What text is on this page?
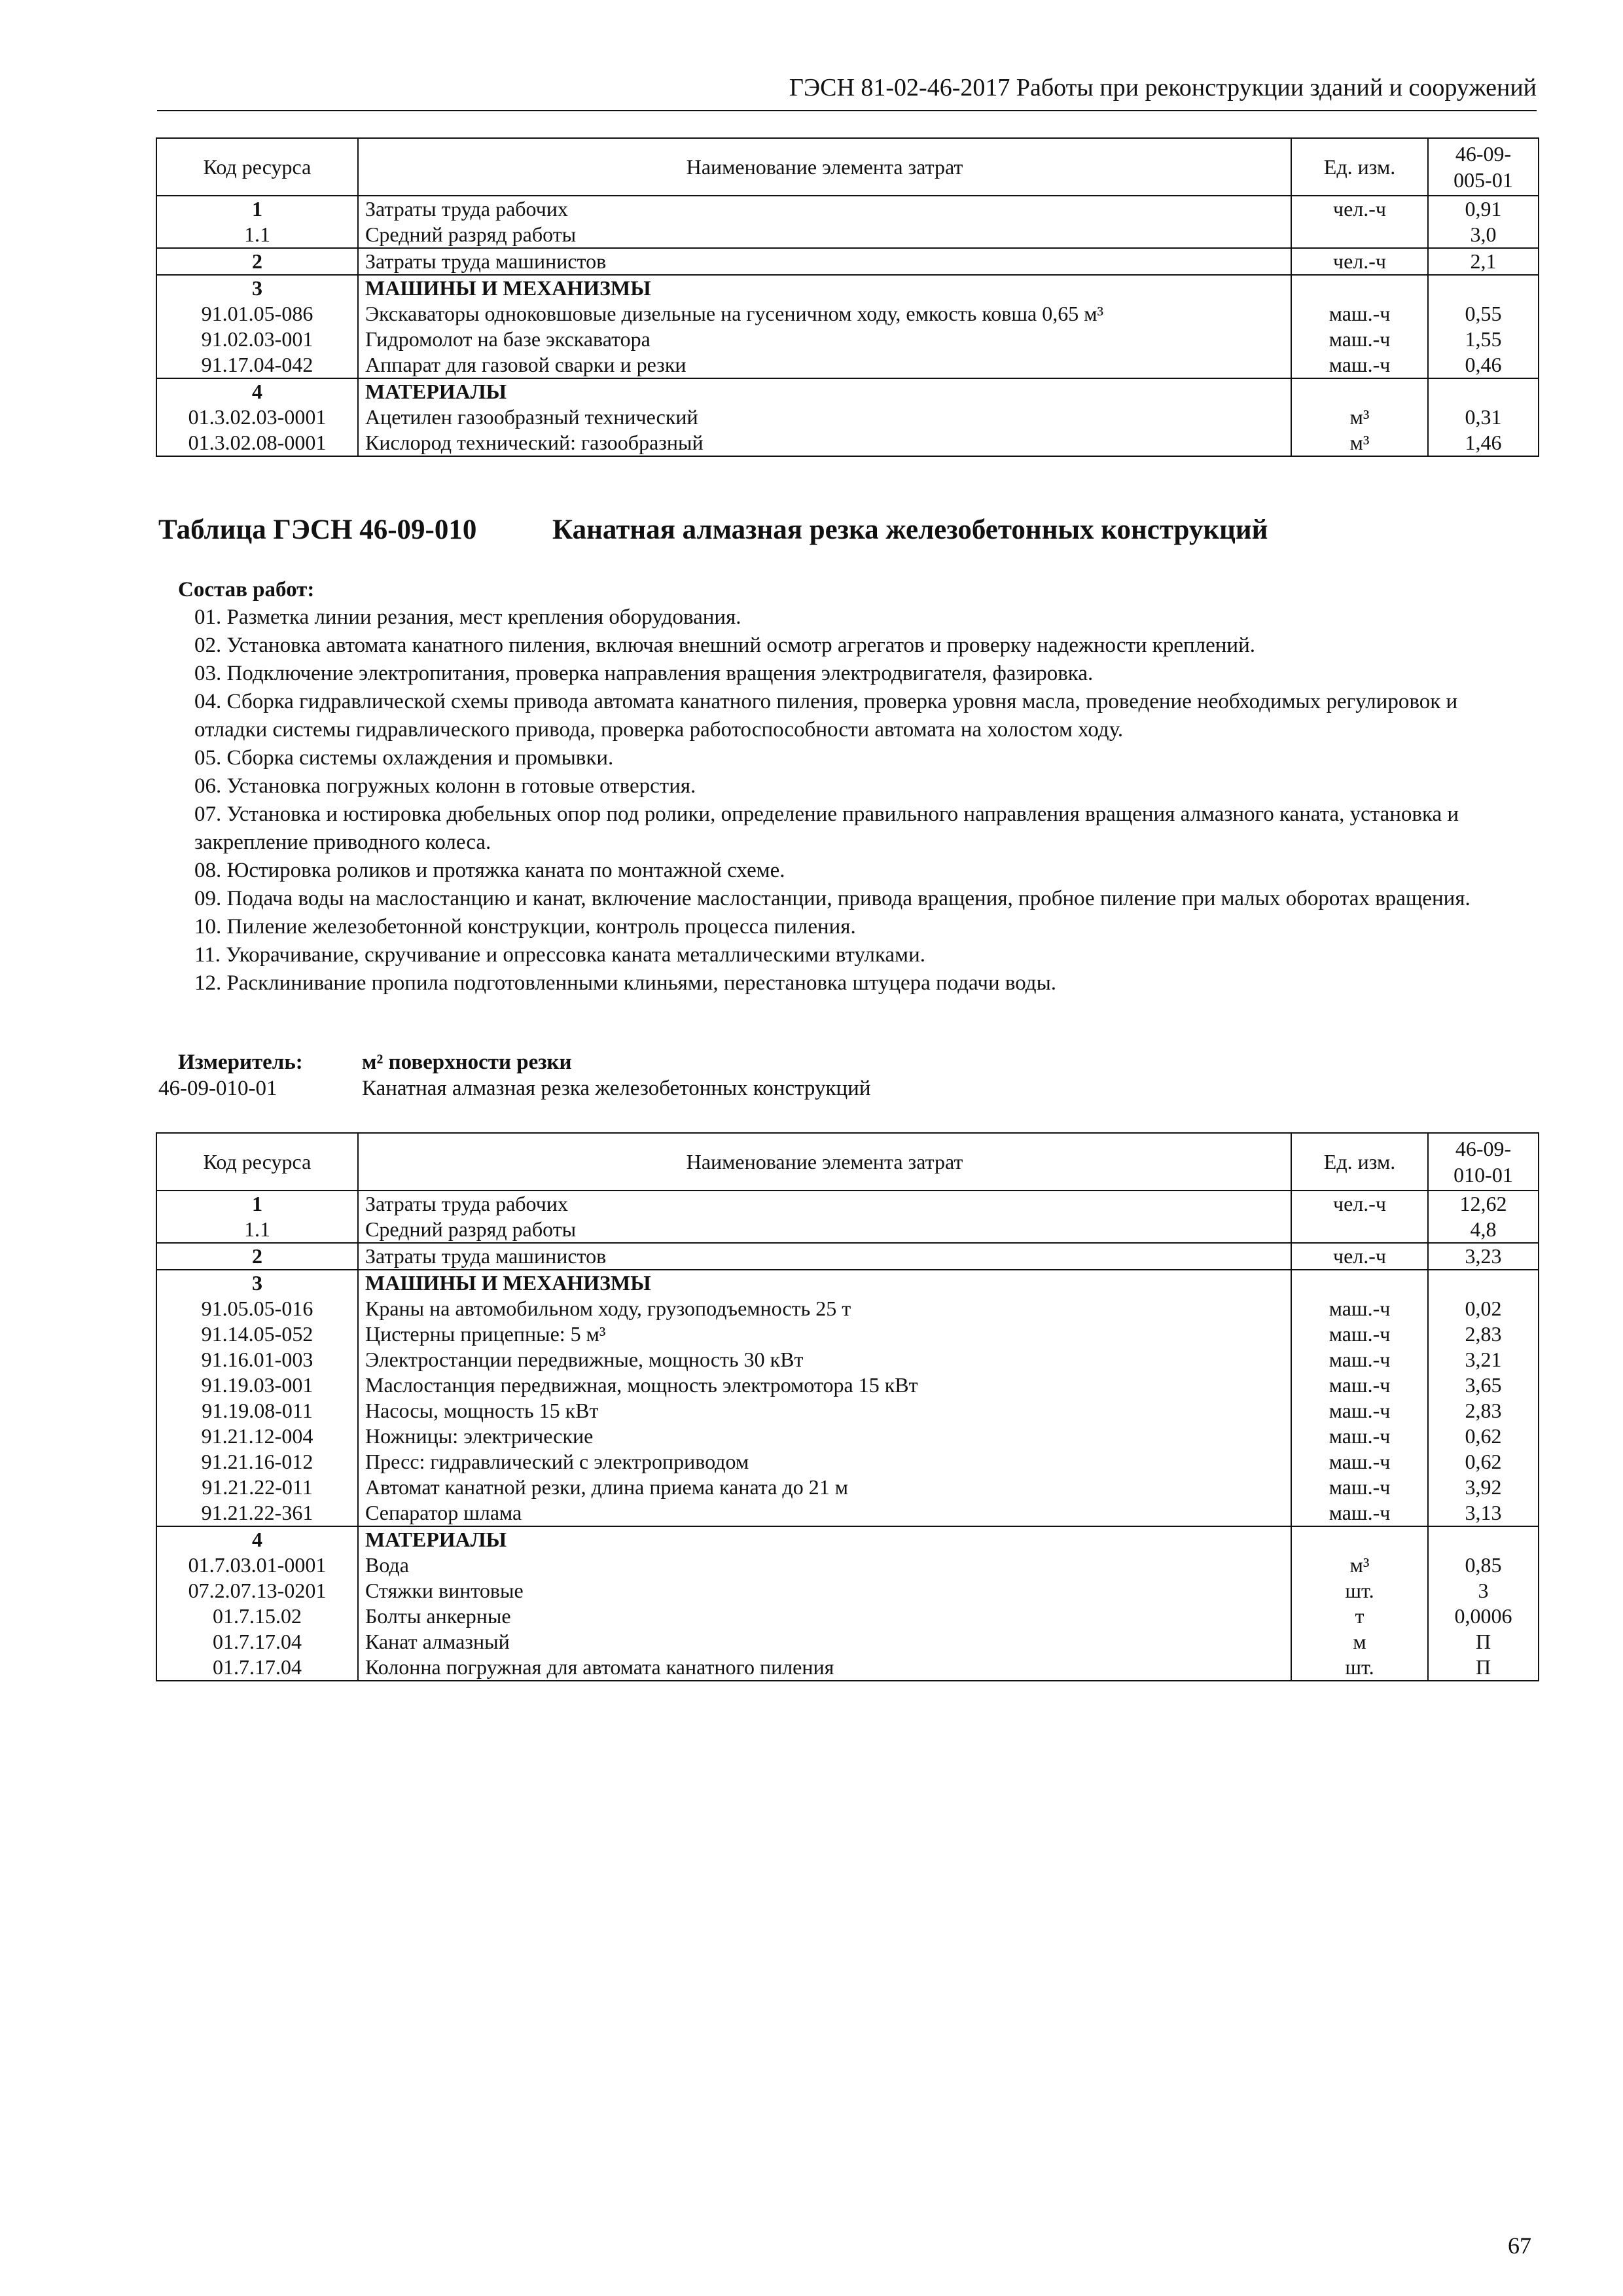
ГЭСН 81-02-46-2017 Работы при реконструкции зданий и сооружений
Код ресурса	Наименование элемента затрат	Ед. изм.	46-09-
005-01
1	Затраты труда рабочих	чел.-ч	0,91
1.1	Средний разряд работы		3,0
2	Затраты труда машинистов	чел.-ч	2,1
3	МАШИНЫ И МЕХАНИЗМЫ		
91.01.05-086	Экскаваторы одноковшовые дизельные на гусеничном ходу, емкость ковша 0,65 м³	маш.-ч	0,55
91.02.03-001	Гидромолот на базе экскаватора	маш.-ч	1,55
91.17.04-042	Аппарат для газовой сварки и резки	маш.-ч	0,46
4	МАТЕРИАЛЫ		
01.3.02.03-0001	Ацетилен газообразный технический	м³	0,31
01.3.02.08-0001	Кислород технический: газообразный	м³	1,46
Таблица ГЭСН 46-09-010	Канатная алмазная резка железобетонных конструкций
Состав работ:

01. Разметка линии резания, мест крепления оборудования.

02. Установка автомата канатного пиления, включая внешний осмотр агрегатов и проверку надежности креплений.

03. Подключение электропитания, проверка направления вращения электродвигателя, фазировка.

04. Сборка гидравлической схемы привода автомата канатного пиления, проверка уровня масла, проведение необходимых регулировок и отладки системы гидравлического привода, проверка работоспособности автомата на холостом ходу.

05. Сборка системы охлаждения и промывки.

06. Установка погружных колонн в готовые отверстия.

07. Установка и юстировка дюбельных опор под ролики, определение правильного направления вращения алмазного каната, установка и закрепление приводного колеса.

08. Юстировка роликов и протяжка каната по монтажной схеме.

09. Подача воды на маслостанцию и канат, включение маслостанции, привода вращения, пробное пиление при малых оборотах вращения.

10. Пиление железобетонной конструкции, контроль процесса пиления.

11. Укорачивание, скручивание и опрессовка каната металлическими втулками.

12. Расклинивание пропила подготовленными клиньями, перестановка штуцера подачи воды.

Измеритель:	м² поверхности резки
46-09-010-01	Канатная алмазная резка железобетонных конструкций
Код ресурса	Наименование элемента затрат	Ед. изм.	46-09-
010-01
1	Затраты труда рабочих	чел.-ч	12,62
1.1	Средний разряд работы		4,8
2	Затраты труда машинистов	чел.-ч	3,23
3	МАШИНЫ И МЕХАНИЗМЫ		
91.05.05-016	Краны на автомобильном ходу, грузоподъемность 25 т	маш.-ч	0,02
91.14.05-052	Цистерны прицепные: 5 м³	маш.-ч	2,83
91.16.01-003	Электростанции передвижные, мощность 30 кВт	маш.-ч	3,21
91.19.03-001	Маслостанция передвижная, мощность электромотора 15 кВт	маш.-ч	3,65
91.19.08-011	Насосы, мощность 15 кВт	маш.-ч	2,83
91.21.12-004	Ножницы: электрические	маш.-ч	0,62
91.21.16-012	Пресс: гидравлический с электроприводом	маш.-ч	0,62
91.21.22-011	Автомат канатной резки, длина приема каната до 21 м	маш.-ч	3,92
91.21.22-361	Сепаратор шлама	маш.-ч	3,13
4	МАТЕРИАЛЫ		
01.7.03.01-0001	Вода	м³	0,85
07.2.07.13-0201	Стяжки винтовые	шт.	3
01.7.15.02	Болты анкерные	т	0,0006
01.7.17.04	Канат алмазный	м	П
01.7.17.04	Колонна погружная для автомата канатного пиления	шт.	П
67
